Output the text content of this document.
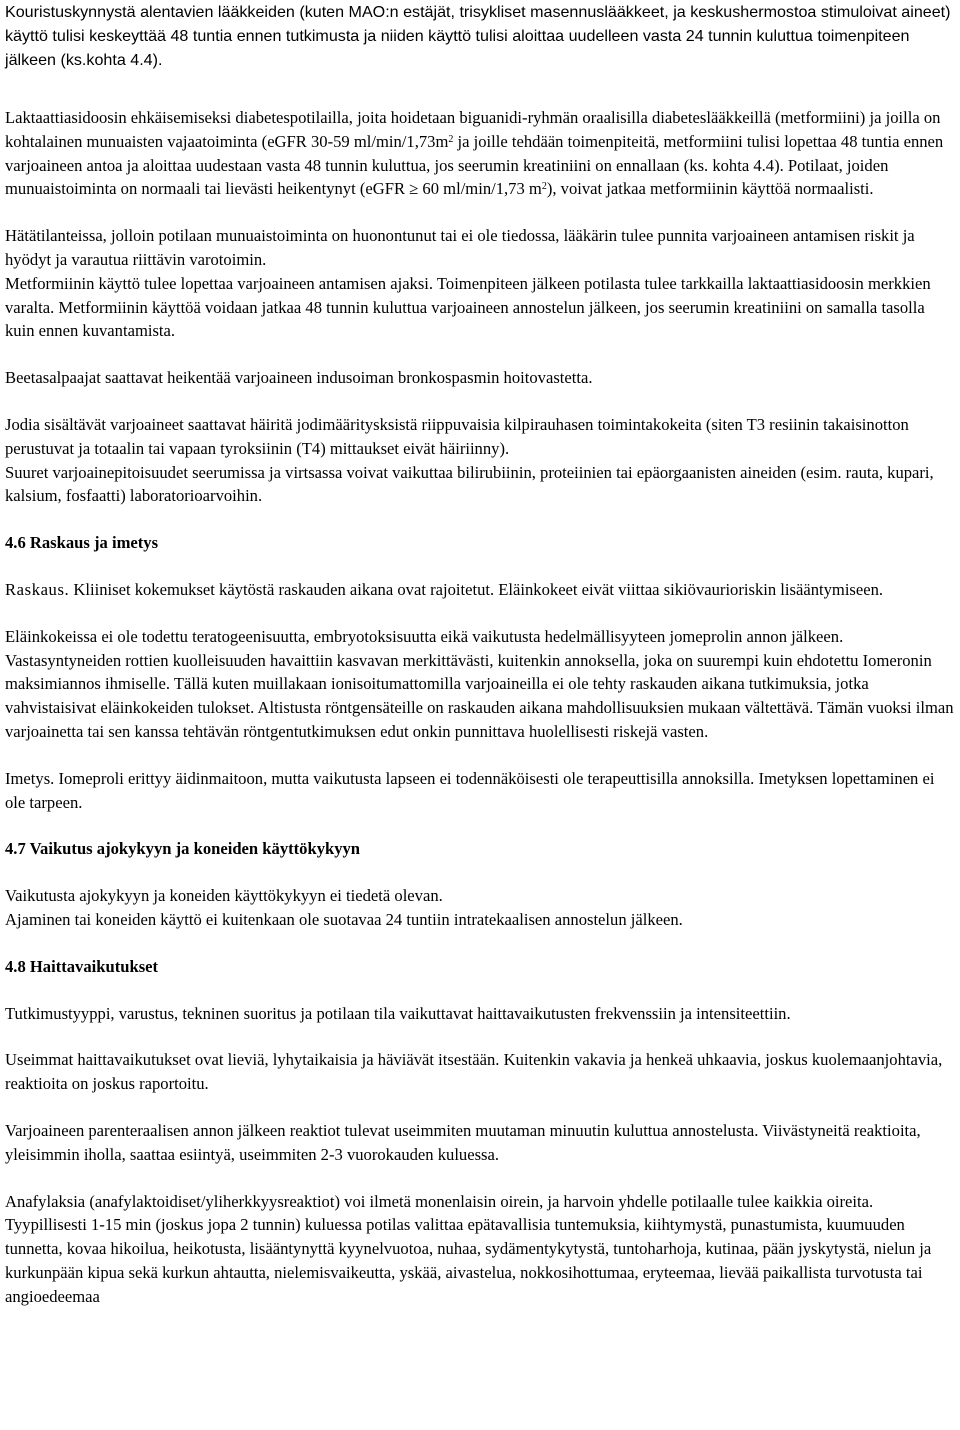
Kouristuskynnystä alentavien lääkkeiden (kuten MAO:n estäjät, trisykliset masennuslääkkeet, ja keskushermostoa stimuloivat aineet) käyttö tulisi keskeyttää 48 tuntia ennen tutkimusta ja niiden käyttö tulisi aloittaa uudelleen vasta 24 tunnin kuluttua toimenpiteen jälkeen (ks.kohta 4.4).

Laktaattiasidoosin ehkäisemiseksi diabetespotilailla, joita hoidetaan biguanidi-ryhmän oraalisilla diabeteslääkkeillä (metformiini) ja joilla on kohtalainen munuaisten vajaatoiminta (eGFR 30-59 $ml/\min/1,73m^2$ ja joille tehdään toimenpiteitä, metformiini tulisi lopettaa 48 tuntia ennen varjoaineen antoa ja aloittaa uudestaan vasta 48 tunnin kuluttua, jos seerumin kreatiniini on ennallaan (ks. kohta 4.4). Potilaat, joiden munuaistoiminta on normaali tai lievästi heikentynyt (eGFR ≥ 60 ml/min/1,73 $m^2$), voivat jatkaa metformiinin käyttöä normaalisti.

Hätätilanteissa, jolloin potilaan munuaistoiminta on huonontunut tai ei ole tiedossa, lääkärin tulee punnita varjoaineen antamisen riskit ja hyödyt ja varautua riittävin varotoimin.

Metformiinin käyttö tulee lopettaa varjoaineen antamisen ajaksi. Toimenpiteen jälkeen potilasta tulee tarkkailla laktaattiasidoosin merkkien varalta. Metformiinin käyttöä voidaan jatkaa 48 tunnin kuluttua varjoaineen annostelun jälkeen, jos seerumin kreatiniini on samalla tasolla kuin ennen kuvantamista.

Beetasalpaajat saattavat heikentää varjoaineen indusoiman bronkospasmin hoitovastetta.

Jodia sisältävät varjoaineet saattavat häiritä jodimääritysksistä riippuvaisia kilpirauhasen toimintakokeita (siten T3 resiinin takaisinotton perustuvat ja totaalin tai vapaan tyroksiinin (T4) mittaukset eivät häiriinny).

Suuret varjoainepitoisuudet seerumissa ja virtsassa voivat vaikuttaa bilirubiinin, proteiinien tai epäorgaanisten aineiden (esim. rauta, kupari, kalsium, fosfaatti) laboratorioarvoihin.

4.6 Raskaus ja imetys

Raskaus. Kliiniset kokemukset käytöstä raskauden aikana ovat rajoitetut. Eläinkokeet eivät viittaa sikiövaurioriskin lisääntymiseen.

Eläinkokeissa ei ole todettu teratogeenisuutta, embryotoksisuutta eikä vaikutusta hedelmällisyyteen jomeprolin annon jälkeen. Vastasyntyneiden rottien kuolleisuuden havaittiin kasvavan merkittävästi, kuitenkin annoksella, joka on suurempi kuin ehdotettu Iomeronin maksimiannos ihmiselle. Tällä kuten muillakaan ionisoitumattomilla varjoaineilla ei ole tehty raskauden aikana tutkimuksia, jotka vahvistaisivat eläinkokeiden tulokset. Altistusta röntgensäteille on raskauden aikana mahdollisuuksien mukaan vältettävä. Tämän vuoksi ilman varjoainetta tai sen kanssa tehtävän röntgentutkimuksen edut onkin punnittava huolellisesti riskejä vasten.

Imetys. Iomeproli erittyy äidinmaitoon, mutta vaikutusta lapseen ei todennäköisesti ole terapeuttisilla annoksilla. Imetyksen lopettaminen ei ole tarpeen.

4.7 Vaikutus ajokykyyn ja koneiden käyttökykyyn

Vaikutusta ajokykyyn ja koneiden käyttökykyyn ei tiedetä olevan.

Ajaminen tai koneiden käyttö ei kuitenkaan ole suotavaa 24 tuntiin intratekaalisen annostelun jälkeen.

4.8 Haittavaikutukset

Tutkimustyyppi, varustus, tekninen suoritus ja potilaan tila vaikuttavat haittavaikutusten frekvenssiin ja intensiteettiin.

Useimmat haittavaikutukset ovat lieviä, lyhytaikaisia ja häviävät itsestään. Kuitenkin vakavia ja henkeä uhkaavia, joskus kuolemaanjohtavia, reaktioita on joskus raportoitu.

Varjoaineen parenteraalisen annon jälkeen reaktiot tulevat useimmiten muutaman minuutin kuluttua annostelusta. Viivästyneitä reaktioita, yleisimmin iholla, saattaa esiintyä, useimmiten 2-3 vuorokauden kuluessa.

Anafylaksia (anafylaktoidiset/yliherkkyysreaktiot) voi ilmetä monenlaisin oirein, ja harvoin yhdelle potilaalle tulee kaikkia oireita. Tyypillisesti 1-15 min (joskus jopa 2 tunnin) kuluessa potilas valittaa epätavallisia tuntemuksia, kiihtymystä, punastumista, kuumuuden tunnetta, kovaa hikoilua, heikotusta, lisääntynyttä kyynelvuotoa, nuhaa, sydämentykytystä, tuntoharhoja, kutinaa, pään jyskytystä, nielun ja kurkunpään kipua sekä kurkun ahtautta, nielemisvaikeutta, yskää, aivastelua, nokkosihottumaa, eryteemaa, lievää paikallista turvotusta tai angioedeemaa
